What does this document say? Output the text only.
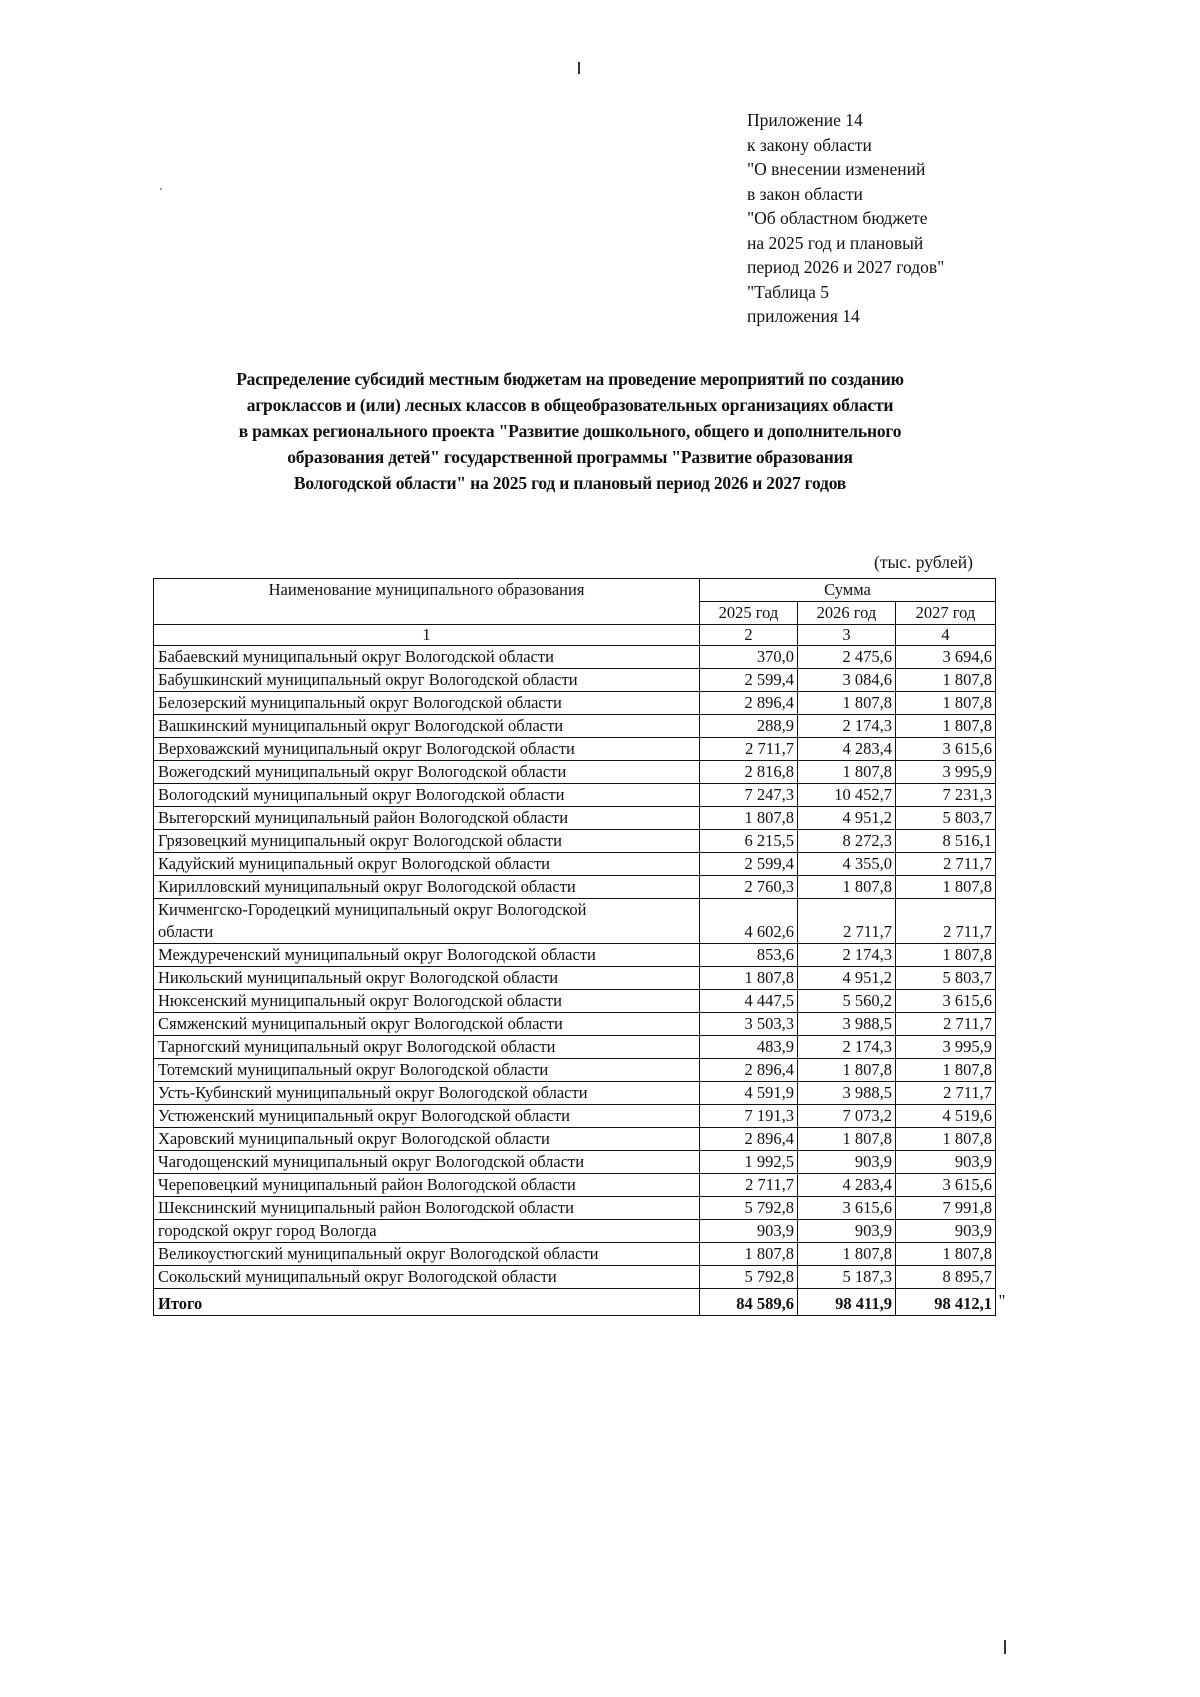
Приложение 14
к закону области
"О внесении изменений
в закон области
"Об областном бюджете
на 2025 год и плановый
период 2026 и 2027 годов"
"Таблица 5
приложения 14
Распределение субсидий местным бюджетам на проведение мероприятий по созданию
агроклассов и (или) лесных классов в общеобразовательных организациях области
в рамках регионального проекта "Развитие дошкольного, общего и дополнительного
образования детей" государственной программы "Развитие образования
Вологодской области" на 2025 год и плановый период 2026 и 2027 годов
(тыс. рублей)
Наименование муниципального образования	Сумма		
	2025 год	2026 год	2027 год
1	2	3	4
Бабаевский муниципальный округ Вологодской области	370,0	2 475,6	3 694,6
Бабушкинский муниципальный округ Вологодской области	2 599,4	3 084,6	1 807,8
Белозерский муниципальный округ Вологодской области	2 896,4	1 807,8	1 807,8
Вашкинский муниципальный округ Вологодской области	288,9	2 174,3	1 807,8
Верховажский муниципальный округ Вологодской области	2 711,7	4 283,4	3 615,6
Вожегодский муниципальный округ Вологодской области	2 816,8	1 807,8	3 995,9
Вологодский муниципальный округ Вологодской области	7 247,3	10 452,7	7 231,3
Вытегорский муниципальный район Вологодской области	1 807,8	4 951,2	5 803,7
Грязовецкий муниципальный округ Вологодской области	6 215,5	8 272,3	8 516,1
Кадуйский муниципальный округ Вологодской области	2 599,4	4 355,0	2 711,7
Кирилловский муниципальный округ Вологодской области	2 760,3	1 807,8	1 807,8

Кичменгско-Городецкий муниципальный округ Вологодской
области	4 602,6	2 711,7	2 711,7
Междуреченский муниципальный округ Вологодской области	853,6	2 174,3	1 807,8
Никольский муниципальный округ Вологодской области	1 807,8	4 951,2	5 803,7
Нюксенский муниципальный округ Вологодской области	4 447,5	5 560,2	3 615,6
Сямженский муниципальный округ Вологодской области	3 503,3	3 988,5	2 711,7
Тарногский муниципальный округ Вологодской области	483,9	2 174,3	3 995,9
Тотемский муниципальный округ Вологодской области	2 896,4	1 807,8	1 807,8
Усть-Кубинский муниципальный округ Вологодской области	4 591,9	3 988,5	2 711,7
Устюженский муниципальный округ Вологодской области	7 191,3	7 073,2	4 519,6
Харовский муниципальный округ Вологодской области	2 896,4	1 807,8	1 807,8
Чагодощенский муниципальный округ Вологодской области	1 992,5	903,9	903,9
Череповецкий муниципальный район Вологодской области	2 711,7	4 283,4	3 615,6
Шекснинский муниципальный район Вологодской области	5 792,8	3 615,6	7 991,8
городской округ город Вологда	903,9	903,9	903,9
Великоустюгский муниципальный округ Вологодской области	1 807,8	1 807,8	1 807,8
Сокольский муниципальный округ Вологодской области	5 792,8	5 187,3	8 895,7
Итого	84 589,6	98 411,9	98 412,1 "
